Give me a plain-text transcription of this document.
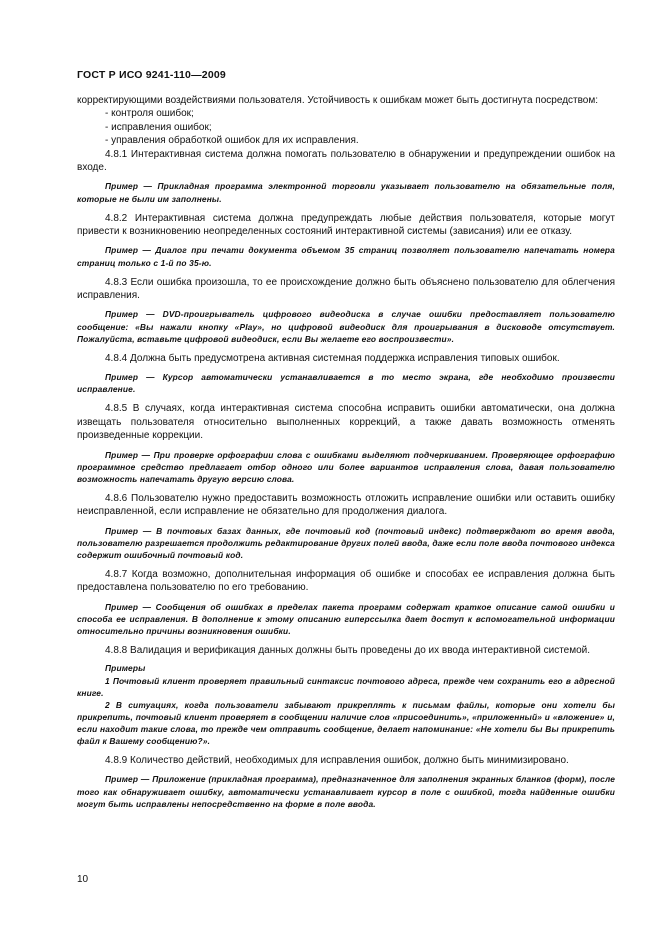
ГОСТ Р ИСО 9241-110—2009

корректирующими воздействиями пользователя. Устойчивость к ошибкам может быть достигнута посредством:

- контроля ошибок;

- исправления ошибок;

- управления обработкой ошибок для их исправления.

4.8.1 Интерактивная система должна помогать пользователю в обнаружении и предупреждении ошибок на входе.

Пример — Прикладная программа электронной торговли указывает пользователю на обязательные поля, которые не были им заполнены.

4.8.2 Интерактивная система должна предупреждать любые действия пользователя, которые могут привести к возникновению неопределенных состояний интерактивной системы (зависания) или ее отказу.

Пример — Диалог при печати документа объемом 35 страниц позволяет пользователю напечатать номера страниц только с 1-й по 35-ю.

4.8.3 Если ошибка произошла, то ее происхождение должно быть объяснено пользователю для облегчения исправления.

Пример — DVD-проигрыватель цифрового видеодиска в случае ошибки предоставляет пользователю сообщение: «Вы нажали кнопку «Play», но цифровой видеодиск для проигрывания в дисководе отсутствует. Пожалуйста, вставьте цифровой видеодиск, если Вы желаете его воспроизвести».

4.8.4 Должна быть предусмотрена активная системная поддержка исправления типовых ошибок.

Пример — Курсор автоматически устанавливается в то место экрана, где необходимо произвести исправление.

4.8.5 В случаях, когда интерактивная система способна исправить ошибки автоматически, она должна извещать пользователя относительно выполненных коррекций, а также давать возможность отменять произведенные коррекции.

Пример — При проверке орфографии слова с ошибками выделяют подчеркиванием. Проверяющее орфографию программное средство предлагает отбор одного или более вариантов исправления слова, давая пользователю возможность напечатать другую версию слова.

4.8.6 Пользователю нужно предоставить возможность отложить исправление ошибки или оставить ошибку неисправленной, если исправление не обязательно для продолжения диалога.

Пример — В почтовых базах данных, где почтовый код (почтовый индекс) подтверждают во время ввода, пользователю разрешается продолжить редактирование других полей ввода, даже если поле ввода почтового индекса содержит ошибочный почтовый код.

4.8.7 Когда возможно, дополнительная информация об ошибке и способах ее исправления должна быть предоставлена пользователю по его требованию.

Пример — Сообщения об ошибках в пределах пакета программ содержат краткое описание самой ошибки и способа ее исправления. В дополнение к этому описанию гиперссылка дает доступ к вспомогательной информации относительно причины возникновения ошибки.

4.8.8 Валидация и верификация данных должны быть проведены до их ввода интерактивной системой.

Примеры

1 Почтовый клиент проверяет правильный синтаксис почтового адреса, прежде чем сохранить его в адресной книге.

2 В ситуациях, когда пользователи забывают прикреплять к письмам файлы, которые они хотели бы прикрепить, почтовый клиент проверяет в сообщении наличие слов «присоединить», «приложенный» и «вложение» и, если находит такие слова, то прежде чем отправить сообщение, делает напоминание: «Не хотели бы Вы прикрепить файл к Вашему сообщению?».

4.8.9 Количество действий, необходимых для исправления ошибок, должно быть минимизировано.

Пример — Приложение (прикладная программа), предназначенное для заполнения экранных бланков (форм), после того как обнаруживает ошибку, автоматически устанавливает курсор в поле с ошибкой, тогда найденные ошибки могут быть исправлены непосредственно на форме в поле ввода.

10
